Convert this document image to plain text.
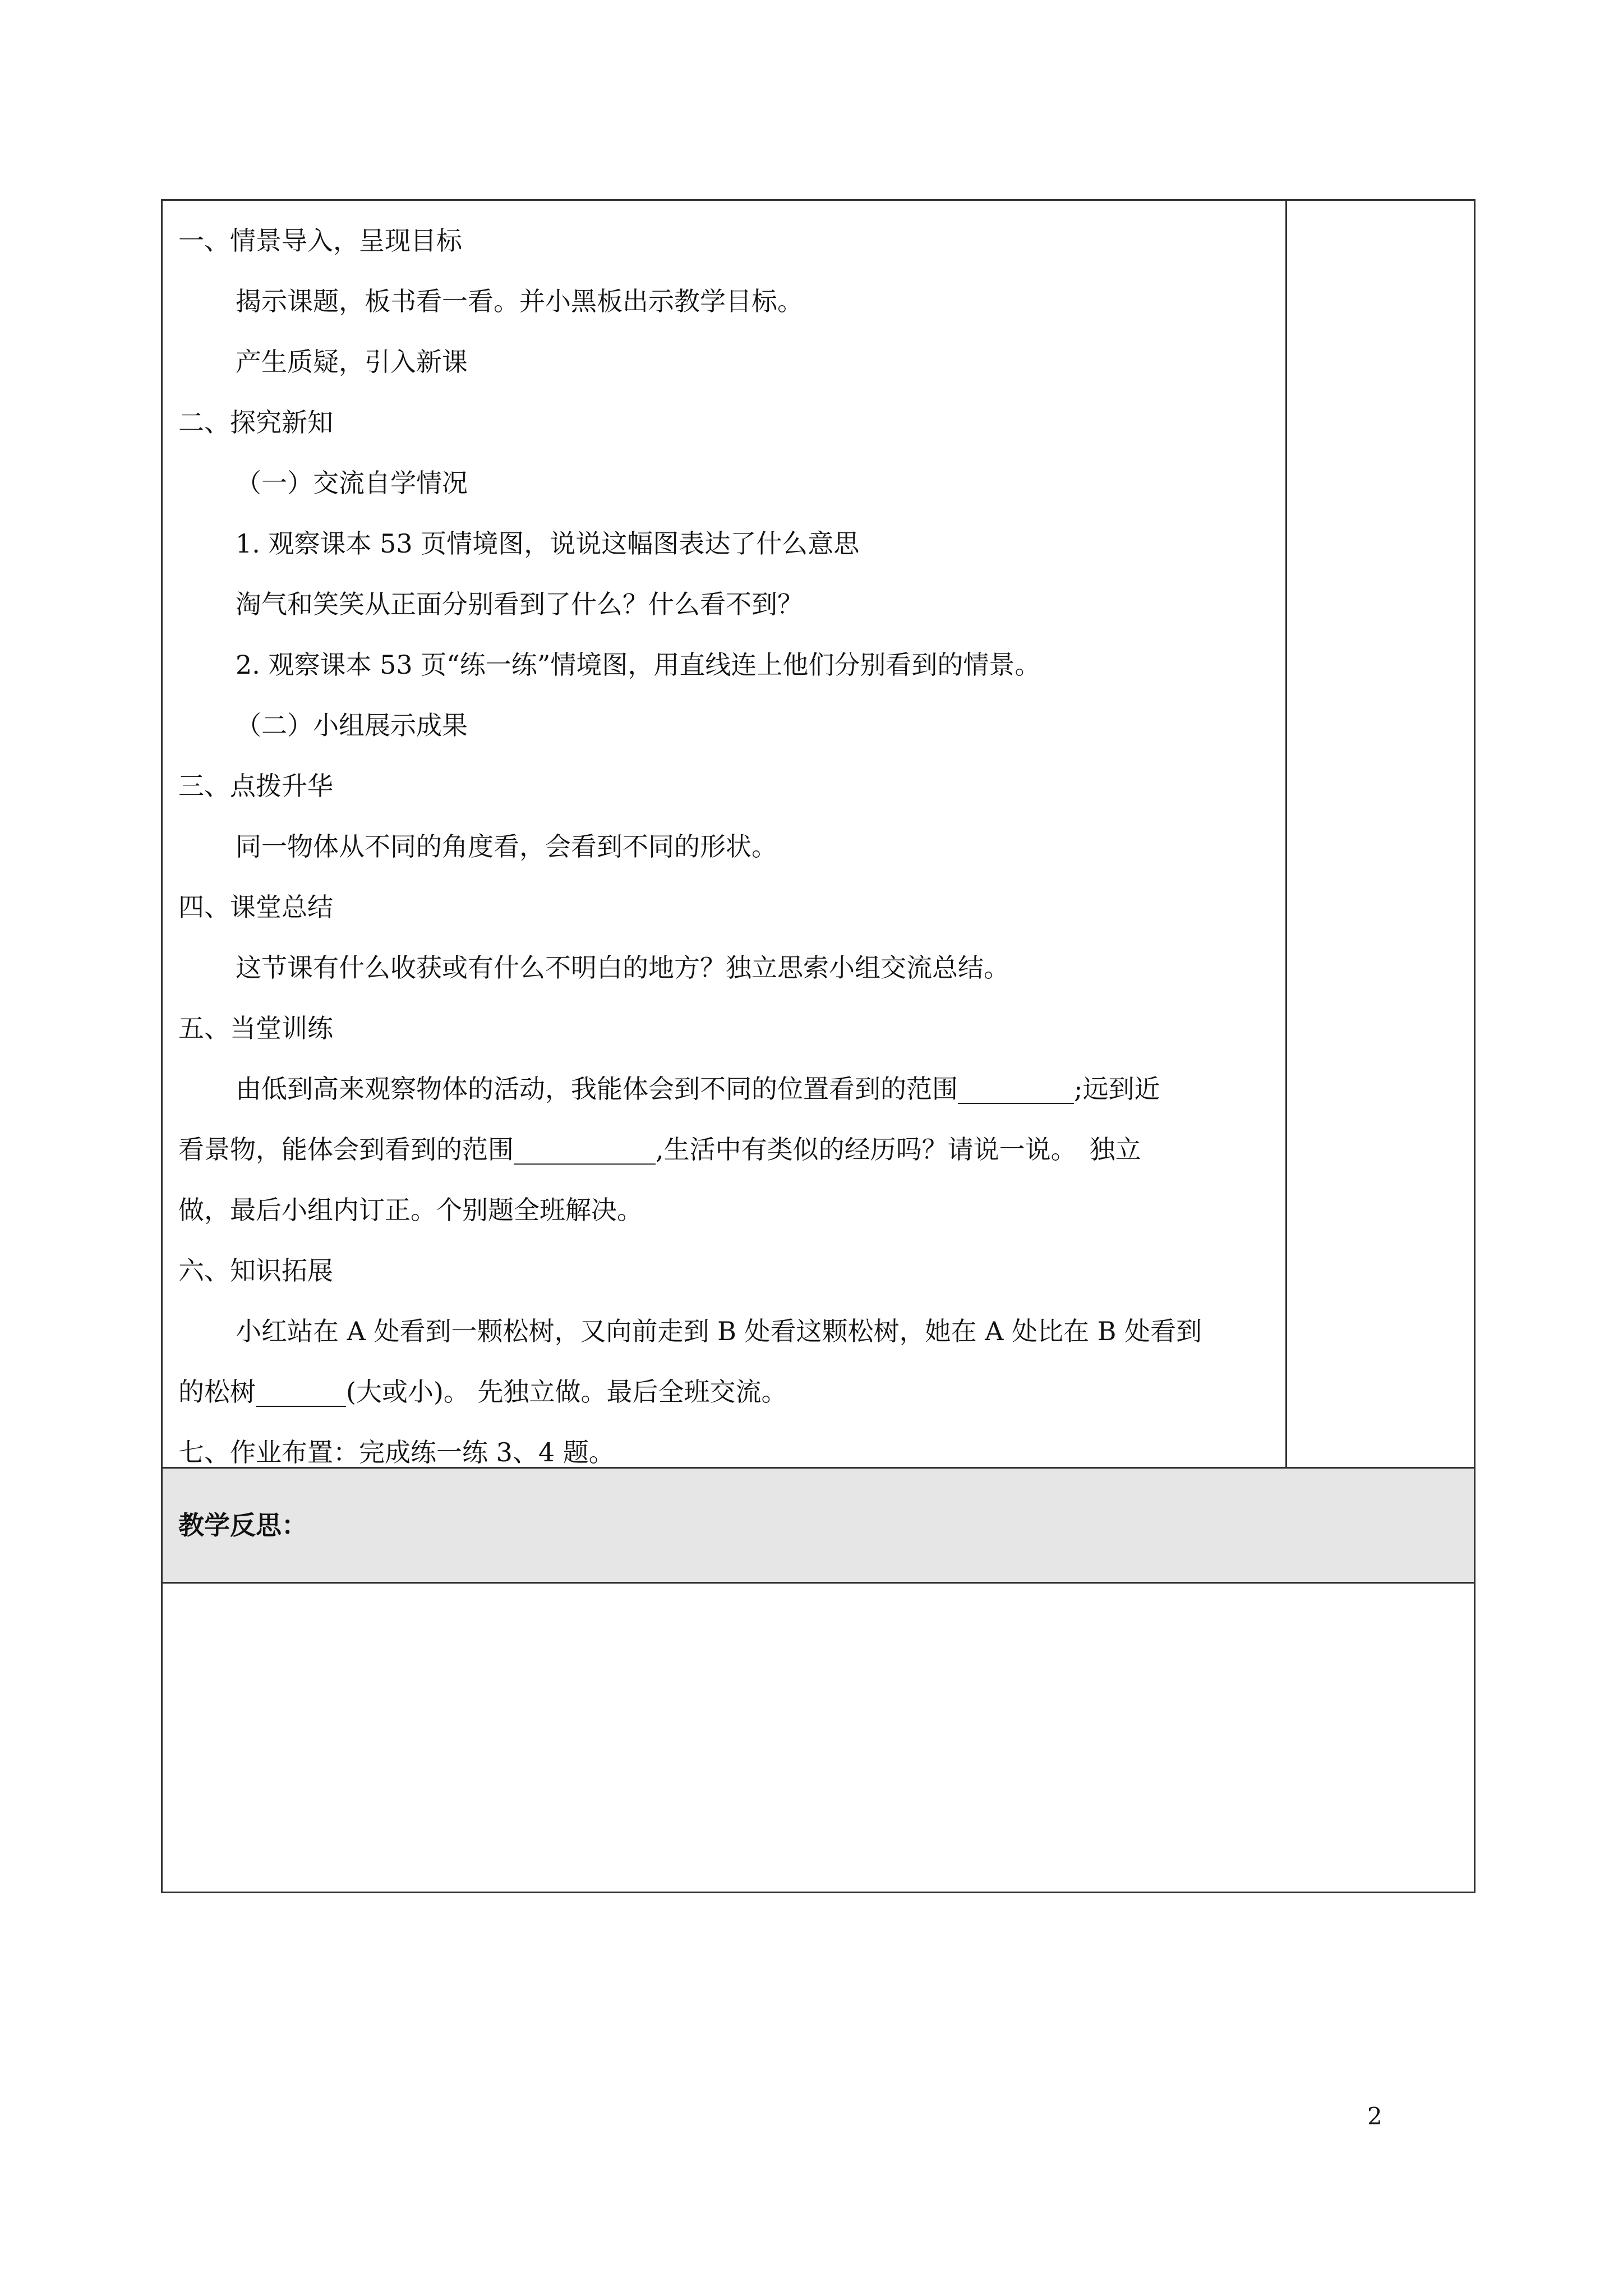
一、情景导入，呈现目标
揭示课题，板书看一看。并小黑板出示教学目标。
产生质疑，引入新课
二、探究新知
（一）交流自学情况
1. 观察课本 53 页情境图，说说这幅图表达了什么意思
淘气和笑笑从正面分别看到了什么？什么看不到？
2. 观察课本 53 页“练一练”情境图，用直线连上他们分别看到的情景。
（二）小组展示成果
三、点拨升华
同一物体从不同的角度看，会看到不同的形状。
四、课堂总结
这节课有什么收获或有什么不明白的地方？独立思索小组交流总结。
五、当堂训练
由低到高来观察物体的活动，我能体会到不同的位置看到的范围_________;远到近
看景物，能体会到看到的范围___________,生活中有类似的经历吗？请说一说。　独立
做，最后小组内订正。个别题全班解决。
六、知识拓展
小红站在 A 处看到一颗松树，又向前走到 B 处看这颗松树，她在 A 处比在 B 处看到
的松树_______(大或小)。 先独立做。最后全班交流。
七、作业布置：完成练一练 3、4 题。
教学反思：
2
